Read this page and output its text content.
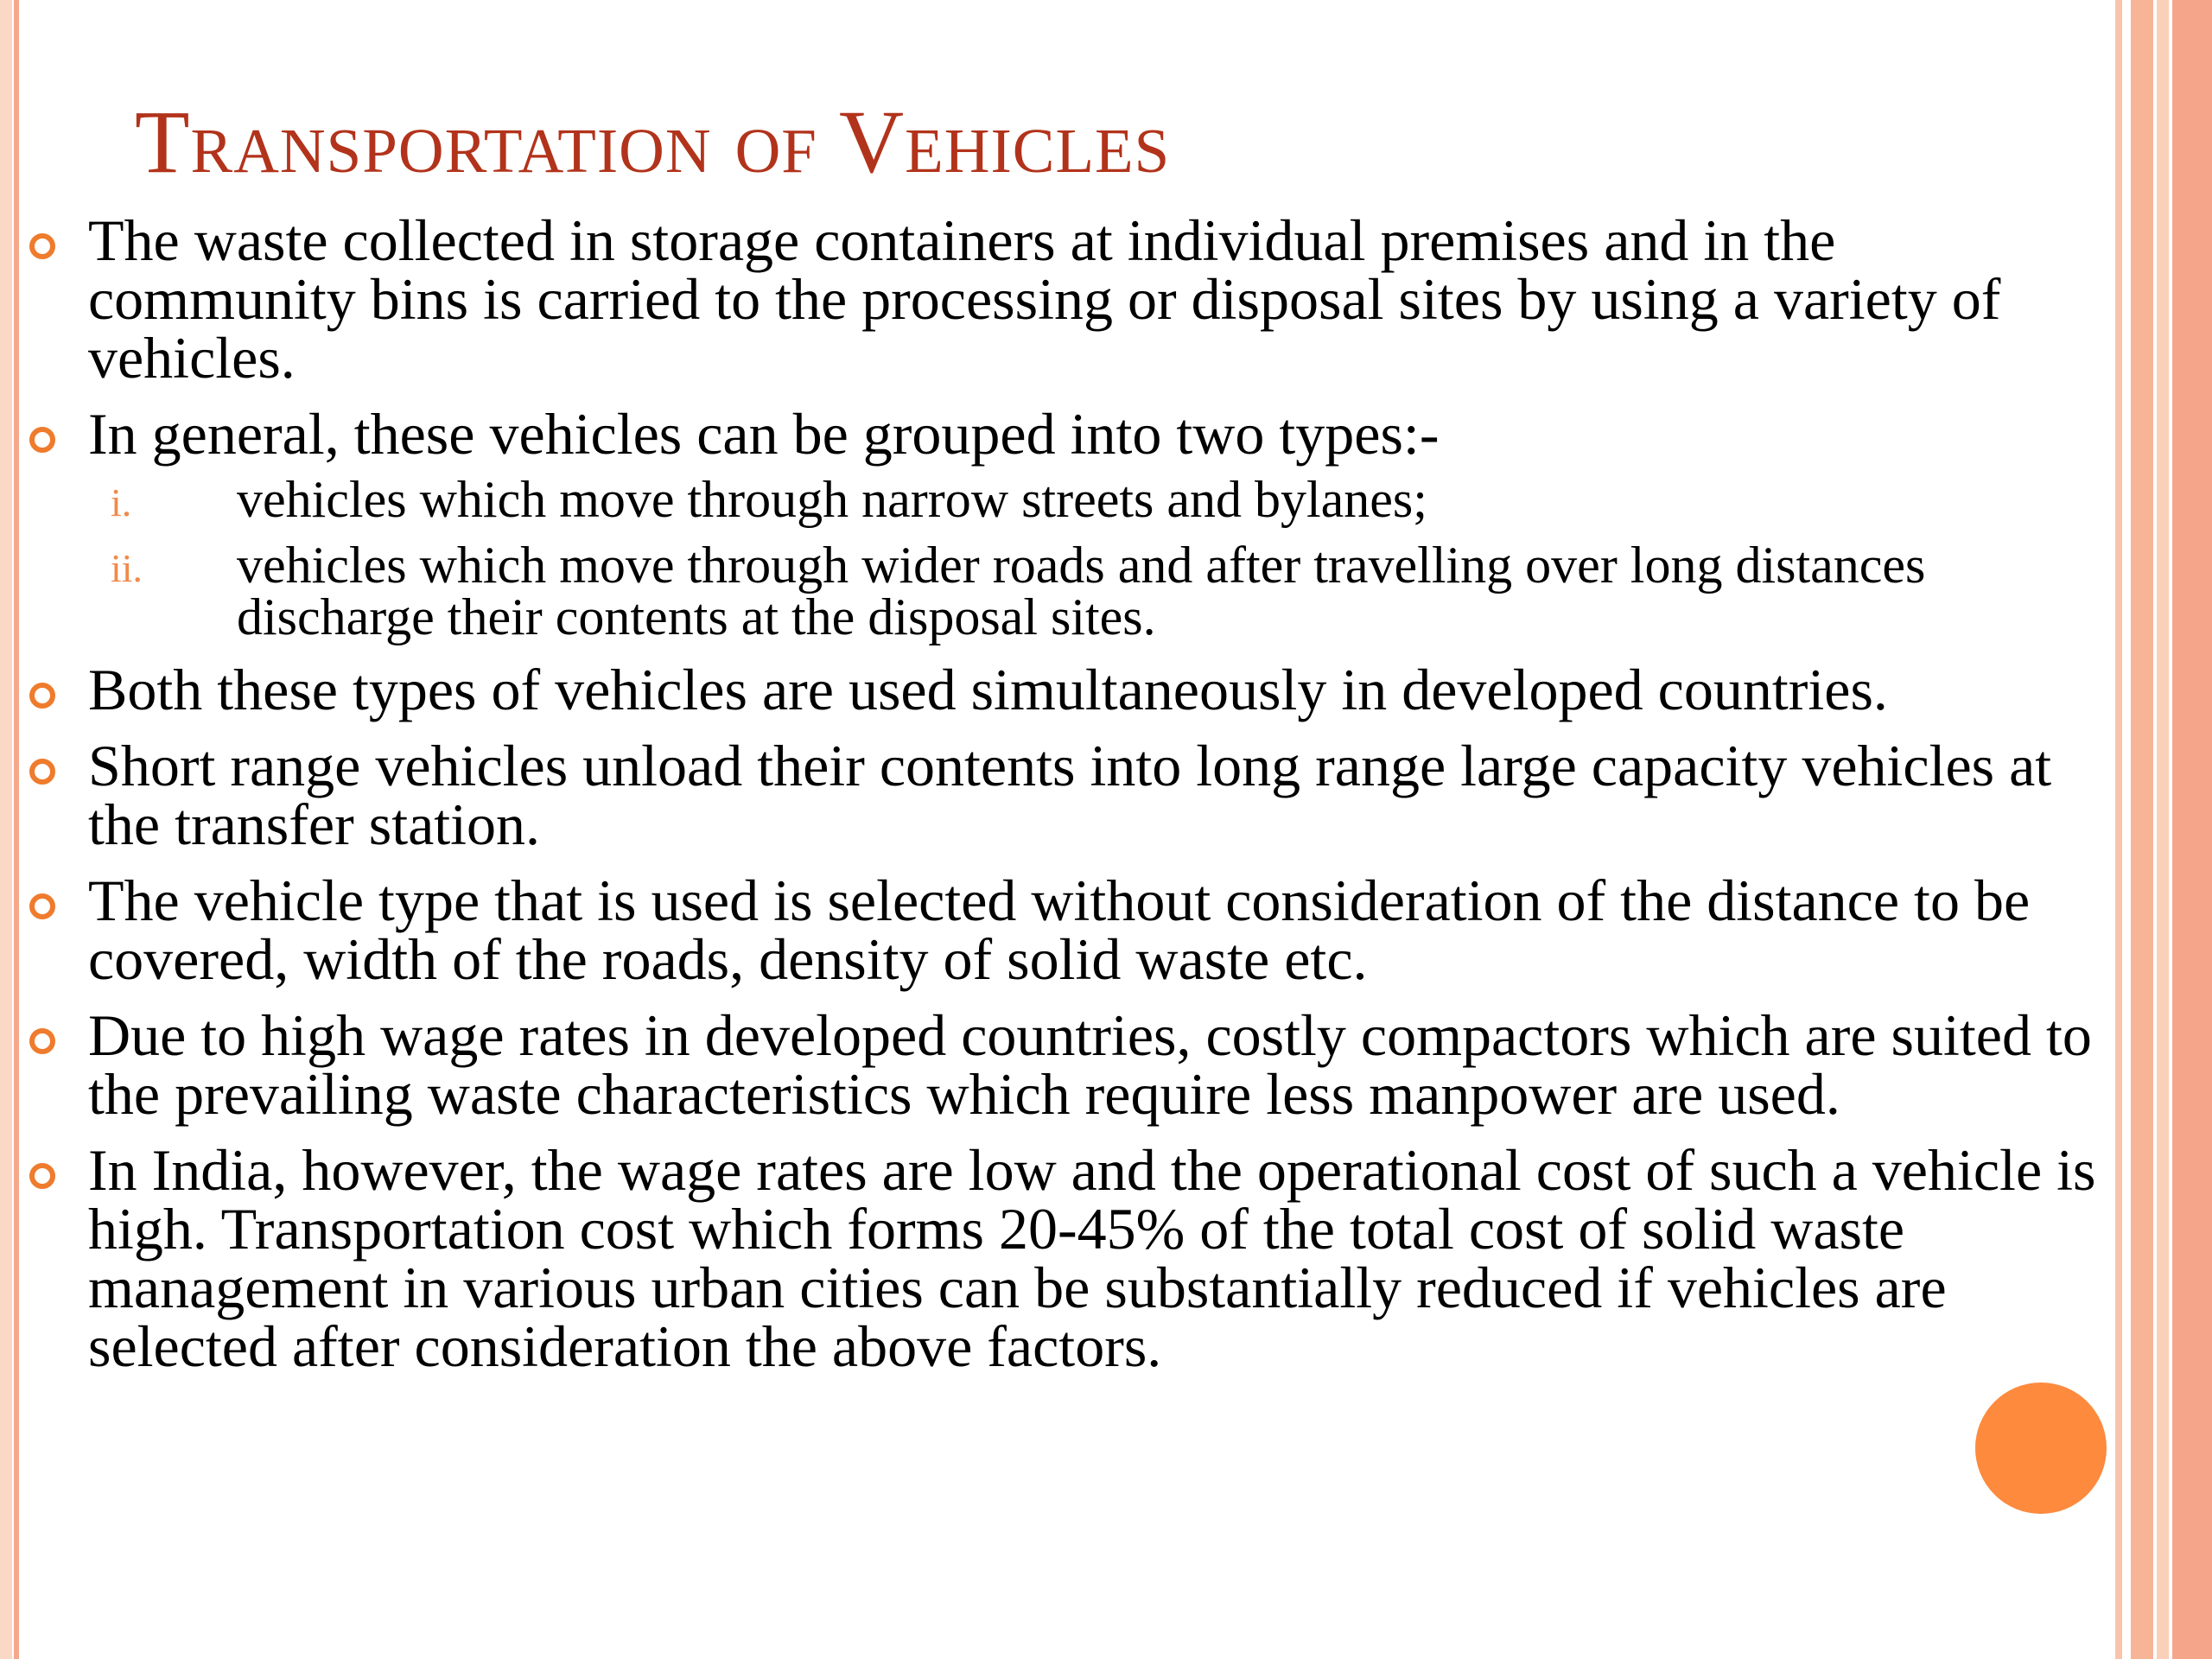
Transportation of Vehicles
The waste collected in storage containers at individual premises and in the community bins is carried to the processing or disposal sites by using a variety of vehicles.
In general, these vehicles can be grouped into two types:-
i. vehicles which move through narrow streets and bylanes;
ii. vehicles which move through wider roads and after travelling over long distances discharge their contents at the disposal sites.
Both these types of vehicles are used simultaneously in developed countries.
Short range vehicles unload their contents into long range large capacity vehicles at the transfer station.
The vehicle type that is used is selected without consideration of the distance to be covered, width of the roads, density of solid waste etc.
Due to high wage rates in developed countries, costly compactors which are suited to the prevailing waste characteristics which require less manpower are used.
In India, however, the wage rates are low and the operational cost of such a vehicle is high. Transportation cost which forms 20-45% of the total cost of solid waste management in various urban cities can be substantially reduced if vehicles are selected after consideration the above factors.
